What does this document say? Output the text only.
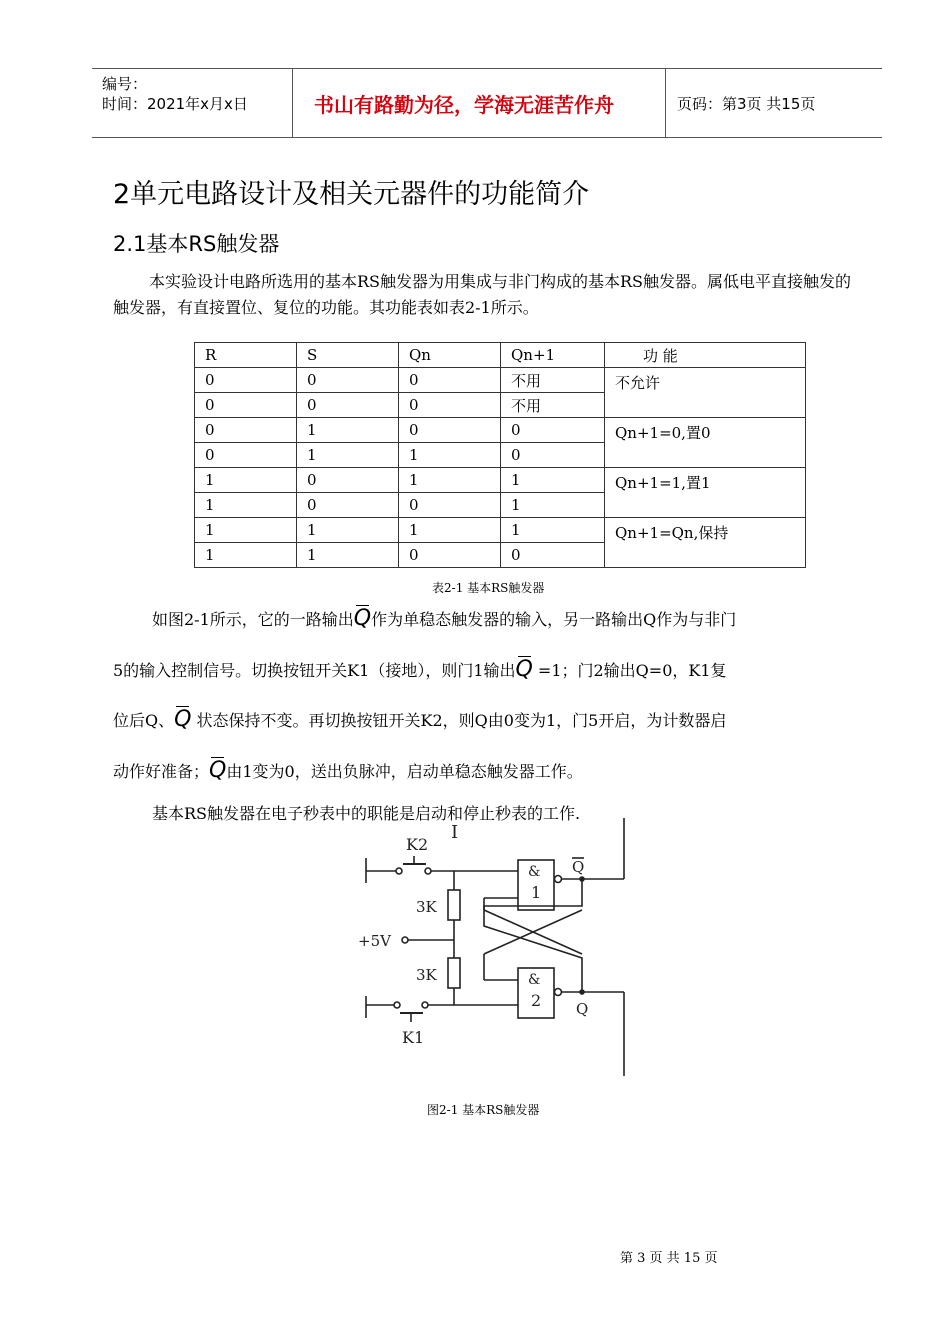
编号：
时间：2021年x月x日	书山有路勤为径，学海无涯苦作舟	页码：第3页 共15页
2单元电路设计及相关元器件的功能简介
2.1基本RS触发器

本实验设计电路所选用的基本RS触发器为用集成与非门构成的基本RS触发器。属低电平直接触发的触发器，有直接置位、复位的功能。其功能表如表2-1所示。

R	S	Qn	Qn+1	功 能
0	0	0	不用	不允许
0	0	0	不用	
0	1	0	0	Qn+1=0,置0
0	1	1	0	
1	0	1	1	Qn+1=1,置1
1	0	0	1	
1	1	1	1	Qn+1=Qn,保持
1	1	0	0	
表2-1 基本RS触发器
如图2-1所示，它的一路输出Q作为单稳态触发器的输入，另一路输出Q作为与非门
5的输入控制信号。切换按钮开关K1（接地），则门1输出Q =1；门2输出Q=0，K1复
位后Q、Q 状态保持不变。再切换按钮开关K2，则Q由0变为1，门5开启，为计数器启
动作好准备；Q由1变为0，送出负脉冲，启动单稳态触发器工作。
基本RS触发器在电子秒表中的职能是启动和停止秒表的工作.
I
K2
3K
+5V
3K
K1
&
1
Q
&
2 Q
图2-1 基本RS触发器
第 3 页 共 15 页
